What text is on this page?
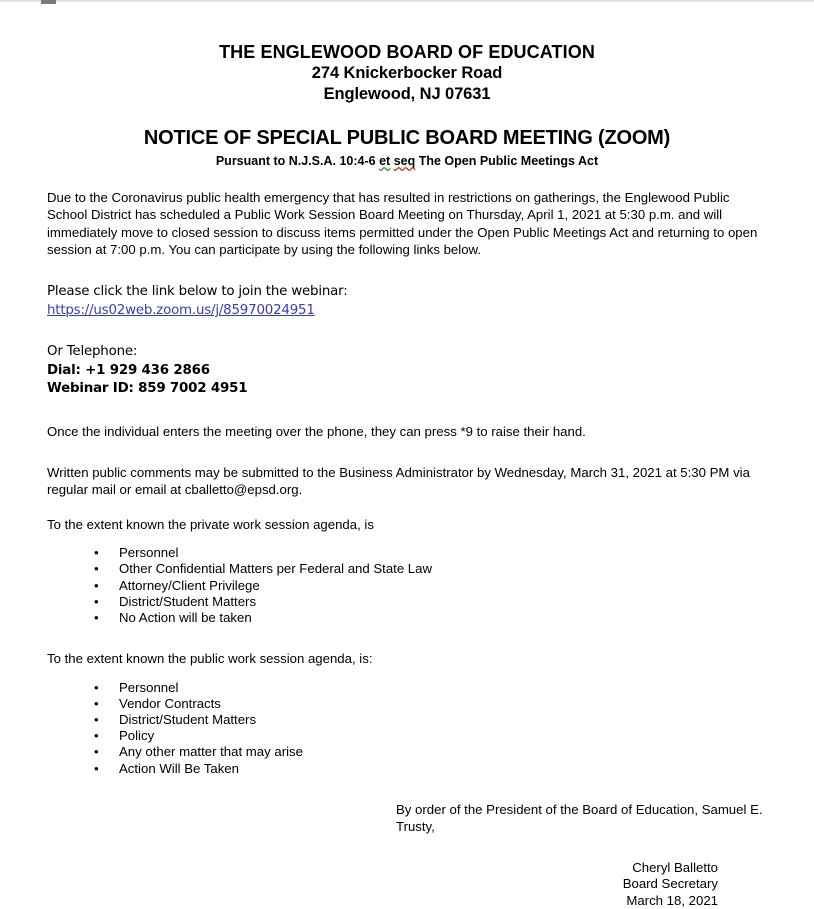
THE ENGLEWOOD BOARD OF EDUCATION
274 Knickerbocker Road
Englewood, NJ 07631
NOTICE OF SPECIAL PUBLIC BOARD MEETING (ZOOM)
Pursuant to N.J.S.A. 10:4-6 et seq The Open Public Meetings Act

Due to the Coronavirus public health emergency that has resulted in restrictions on gatherings, the Englewood Public School District has scheduled a Public Work Session Board Meeting on Thursday, April 1, 2021 at 5:30 p.m. and will immediately move to closed session to discuss items permitted under the Open Public Meetings Act and returning to open session at 7:00 p.m. You can participate by using the following links below.

Please click the link below to join the webinar:
https://us02web.zoom.us/j/85970024951
Or Telephone:
Dial: +1 929 436 2866
Webinar ID: 859 7002 4951

Once the individual enters the meeting over the phone, they can press *9 to raise their hand.

Written public comments may be submitted to the Business Administrator by Wednesday, March 31, 2021 at 5:30 PM via regular mail or email at cballetto@epsd.org.

To the extent known the private work session agenda, is

• Personnel
• Other Confidential Matters per Federal and State Law
• Attorney/Client Privilege
• District/Student Matters
• No Action will be taken

To the extent known the public work session agenda, is:

• Personnel
• Vendor Contracts
• District/Student Matters
• Policy
• Any other matter that may arise
• Action Will Be Taken
By order of the President of the Board of Education, Samuel E. Trusty,
Cheryl Balletto
Board Secretary
March 18, 2021
